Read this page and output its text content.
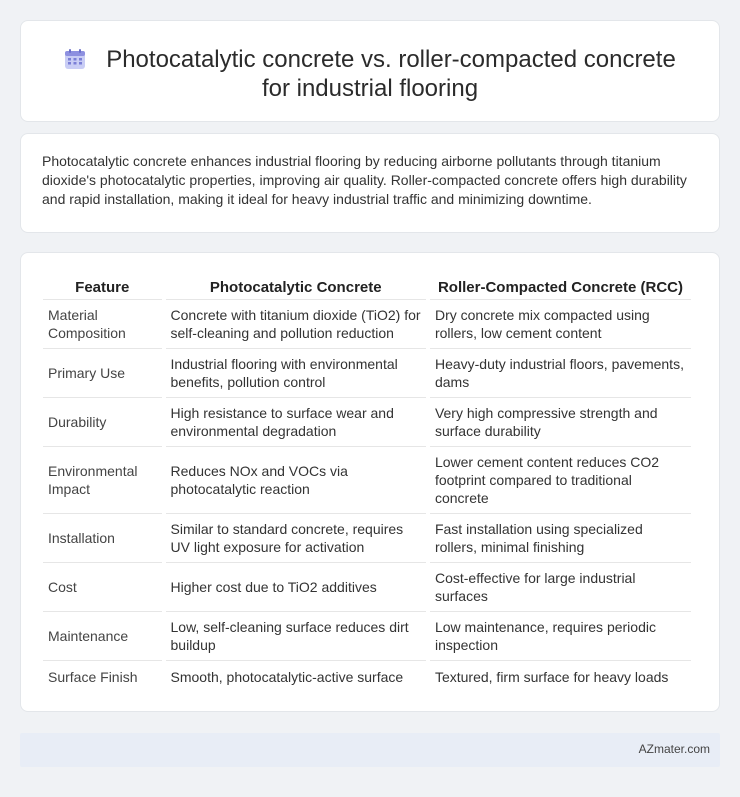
Photocatalytic concrete vs. roller-compacted concrete for industrial flooring

Photocatalytic concrete enhances industrial flooring by reducing airborne pollutants through titanium dioxide's photocatalytic properties, improving air quality. Roller-compacted concrete offers high durability and rapid installation, making it ideal for heavy industrial traffic and minimizing downtime.

Feature	Photocatalytic Concrete	Roller-Compacted Concrete (RCC)
Material Composition	Concrete with titanium dioxide (TiO2) for self-cleaning and pollution reduction	Dry concrete mix compacted using rollers, low cement content
Primary Use	Industrial flooring with environmental benefits, pollution control	Heavy-duty industrial floors, pavements, dams
Durability	High resistance to surface wear and environmental degradation	Very high compressive strength and surface durability
Environmental Impact	Reduces NOx and VOCs via photocatalytic reaction	Lower cement content reduces CO2 footprint compared to traditional concrete
Installation	Similar to standard concrete, requires UV light exposure for activation	Fast installation using specialized rollers, minimal finishing
Cost	Higher cost due to TiO2 additives	Cost-effective for large industrial surfaces
Maintenance	Low, self-cleaning surface reduces dirt buildup	Low maintenance, requires periodic inspection
Surface Finish	Smooth, photocatalytic-active surface	Textured, firm surface for heavy loads
AZmater.com
